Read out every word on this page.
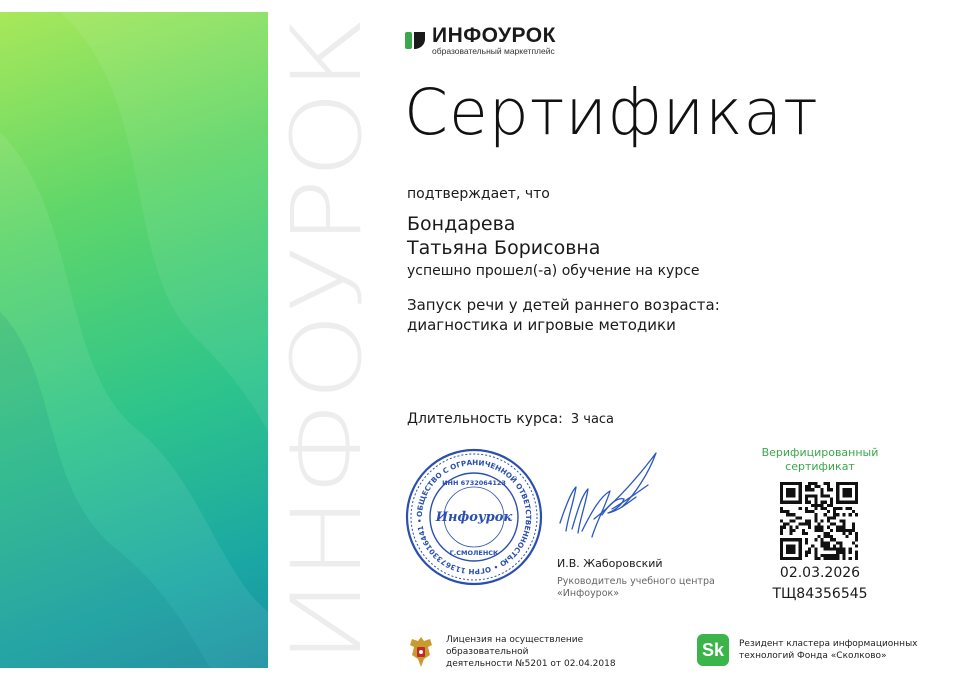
ИНФОУРОК
ИНФОУРОК
образовательный маркетплейс
Сертификат
подтверждает, что
Бондарева
Татьяна Борисовна
успешно прошел(-а) обучение на курсе
Запуск речи у детей раннего возраста:
диагностика и игровые методики
Длительность курса: 3 часа
ОБЩЕСТВО С ОГРАНИЧЕННОЙ ОТВЕТСТВЕННОСТЬЮ • ОГРН 1136733016441 •
ИНН 6732064123
Инфоурок
Г.СМОЛЕНСК
И.В. Жаборовский
Руководитель учебного центра
«Инфоурок»
Верифицированный
сертификат
02.03.2026
ТЩ84356545
Лицензия на осуществление образовательной
деятельности №5201 от 02.04.2018
Sk	Резидент кластера информационных
технологий Фонда «Сколково»
